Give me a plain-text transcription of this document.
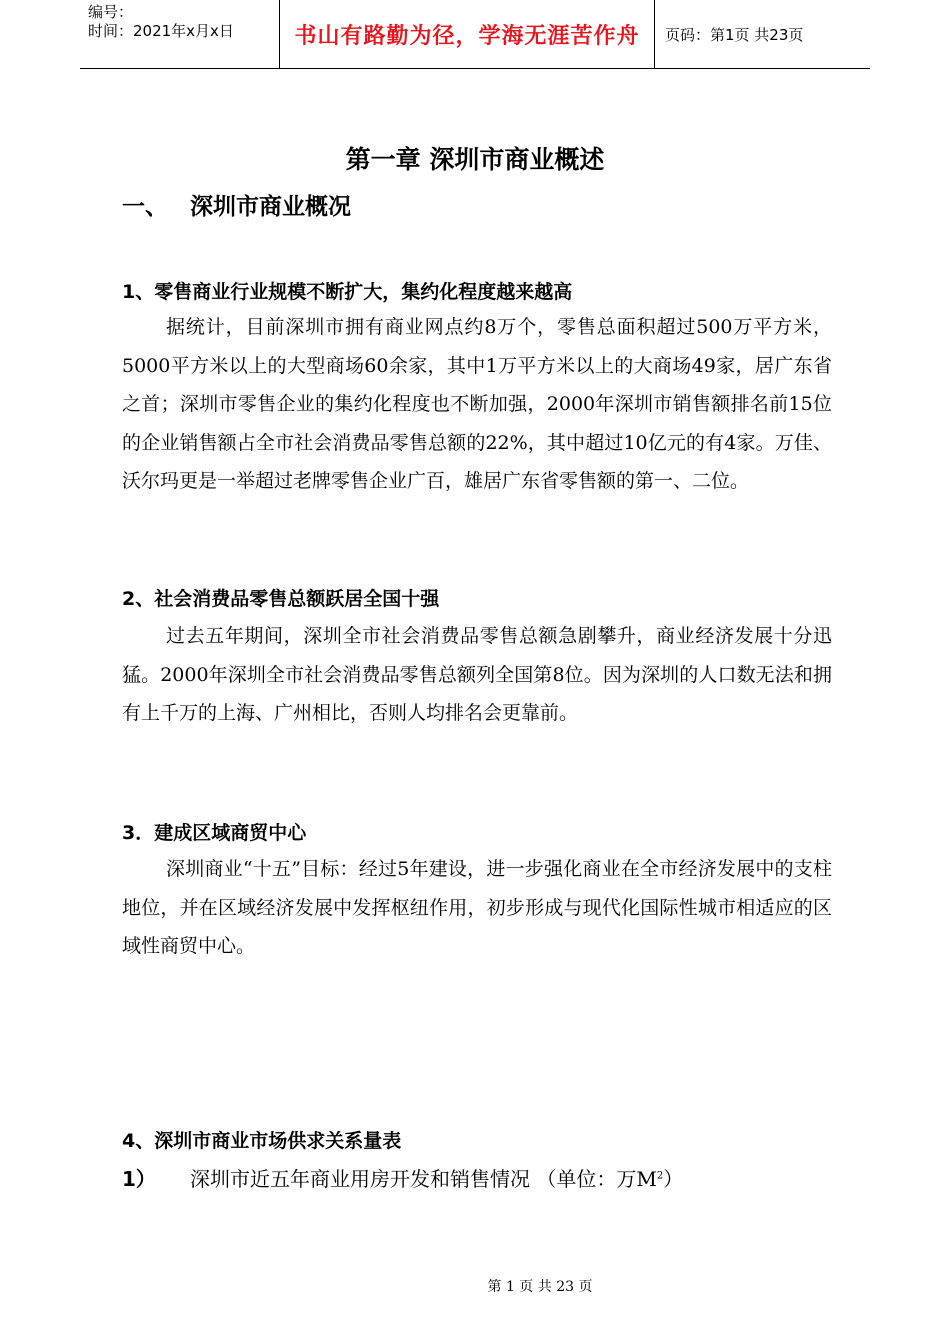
编号：
时间：2021年x月x日	书山有路勤为径，学海无涯苦作舟	页码：第1页 共23页
第一章 深圳市商业概述
一、 深圳市商业概况
1、零售商业行业规模不断扩大，集约化程度越来越高
据统计，目前深圳市拥有商业网点约8万个，零售总面积超过500万平方米，5000平方米以上的大型商场60余家，其中1万平方米以上的大商场49家，居广东省之首；深圳市零售企业的集约化程度也不断加强，2000年深圳市销售额排名前15位的企业销售额占全市社会消费品零售总额的22%，其中超过10亿元的有4家。万佳、沃尔玛更是一举超过老牌零售企业广百，雄居广东省零售额的第一、二位。
2、社会消费品零售总额跃居全国十强
过去五年期间，深圳全市社会消费品零售总额急剧攀升，商业经济发展十分迅猛。2000年深圳全市社会消费品零售总额列全国第8位。因为深圳的人口数无法和拥有上千万的上海、广州相比，否则人均排名会更靠前。
3．建成区域商贸中心
深圳商业“十五”目标：经过5年建设，进一步强化商业在全市经济发展中的支柱地位，并在区域经济发展中发挥枢纽作用，初步形成与现代化国际性城市相适应的区域性商贸中心。
4、深圳市商业市场供求关系量表
1）	深圳市近五年商业用房开发和销售情况 （单位：万$M^2$）
第 1 页 共 23 页
